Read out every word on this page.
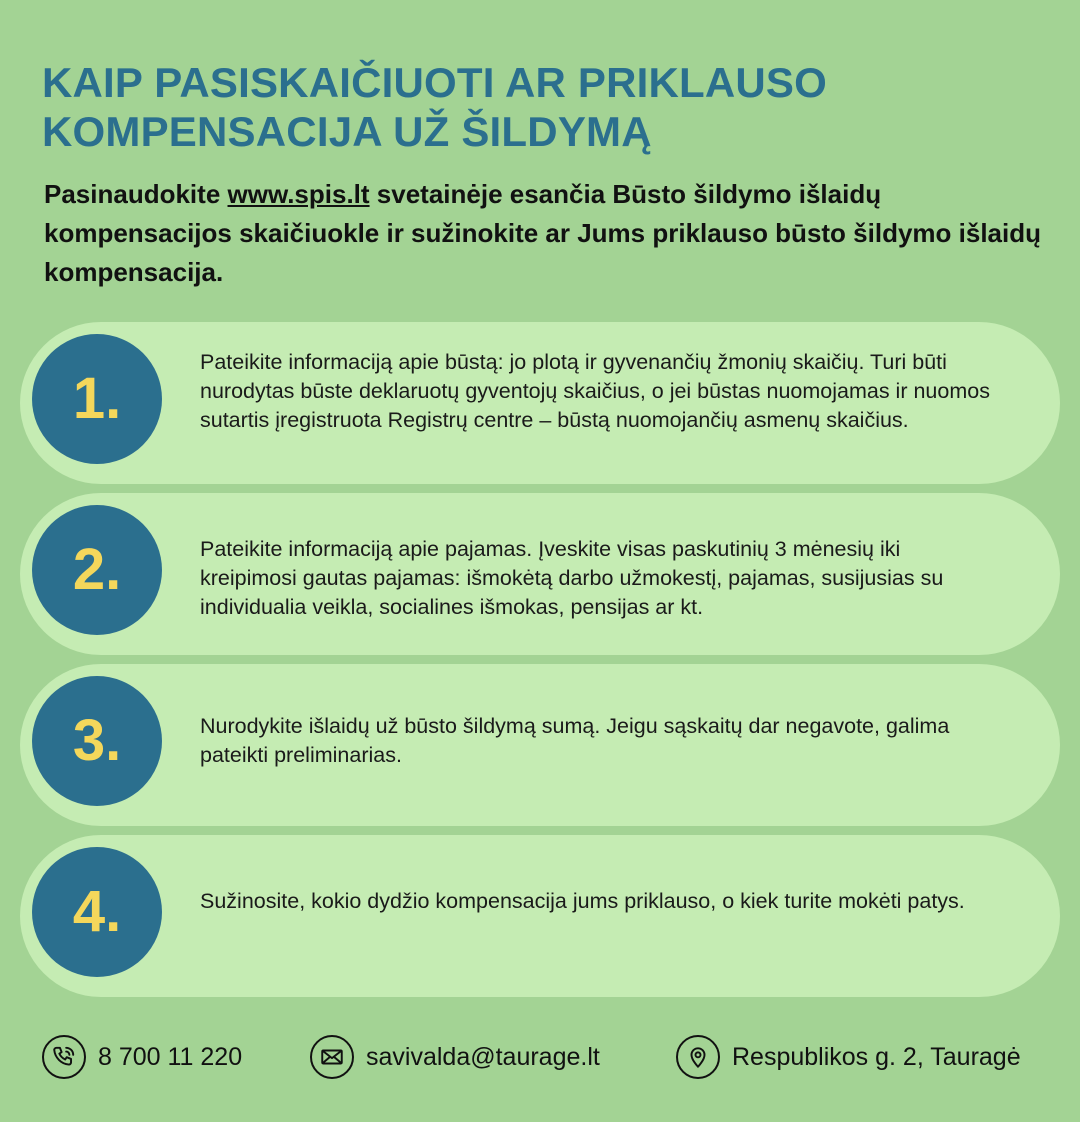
KAIP PASISKAIČIUOTI AR PRIKLAUSO
KOMPENSACIJA UŽ ŠILDYMĄ

Pasinaudokite www.spis.lt svetainėje esančia Būsto šildymo išlaidų kompensacijos skaičiuokle ir sužinokite ar Jums priklauso būsto šildymo išlaidų kompensacija.

1.

Pateikite informaciją apie būstą: jo plotą ir gyvenančių žmonių skaičių. Turi būti nurodytas būste deklaruotų gyventojų skaičius, o jei būstas nuomojamas ir nuomos sutartis įregistruota Registrų centre – būstą nuomojančių asmenų skaičius.

2.	Pateikite informaciją apie pajamas. Įveskite visas paskutinių 3 mėnesių iki kreipimosi gautas pajamas: išmokėtą darbo užmokestį, pajamas, susijusias su individualia veikla, socialines išmokas, pensijas ar kt.

3.	Nurodykite išlaidų už būsto šildymą sumą. Jeigu sąskaitų dar negavote, galima pateikti preliminarias.

4.	Sužinosite, kokio dydžio kompensacija jums priklauso, o kiek turite mokėti patys.

8 700 11 220	savivalda@taurage.lt	Respublikos g. 2, Tauragė
